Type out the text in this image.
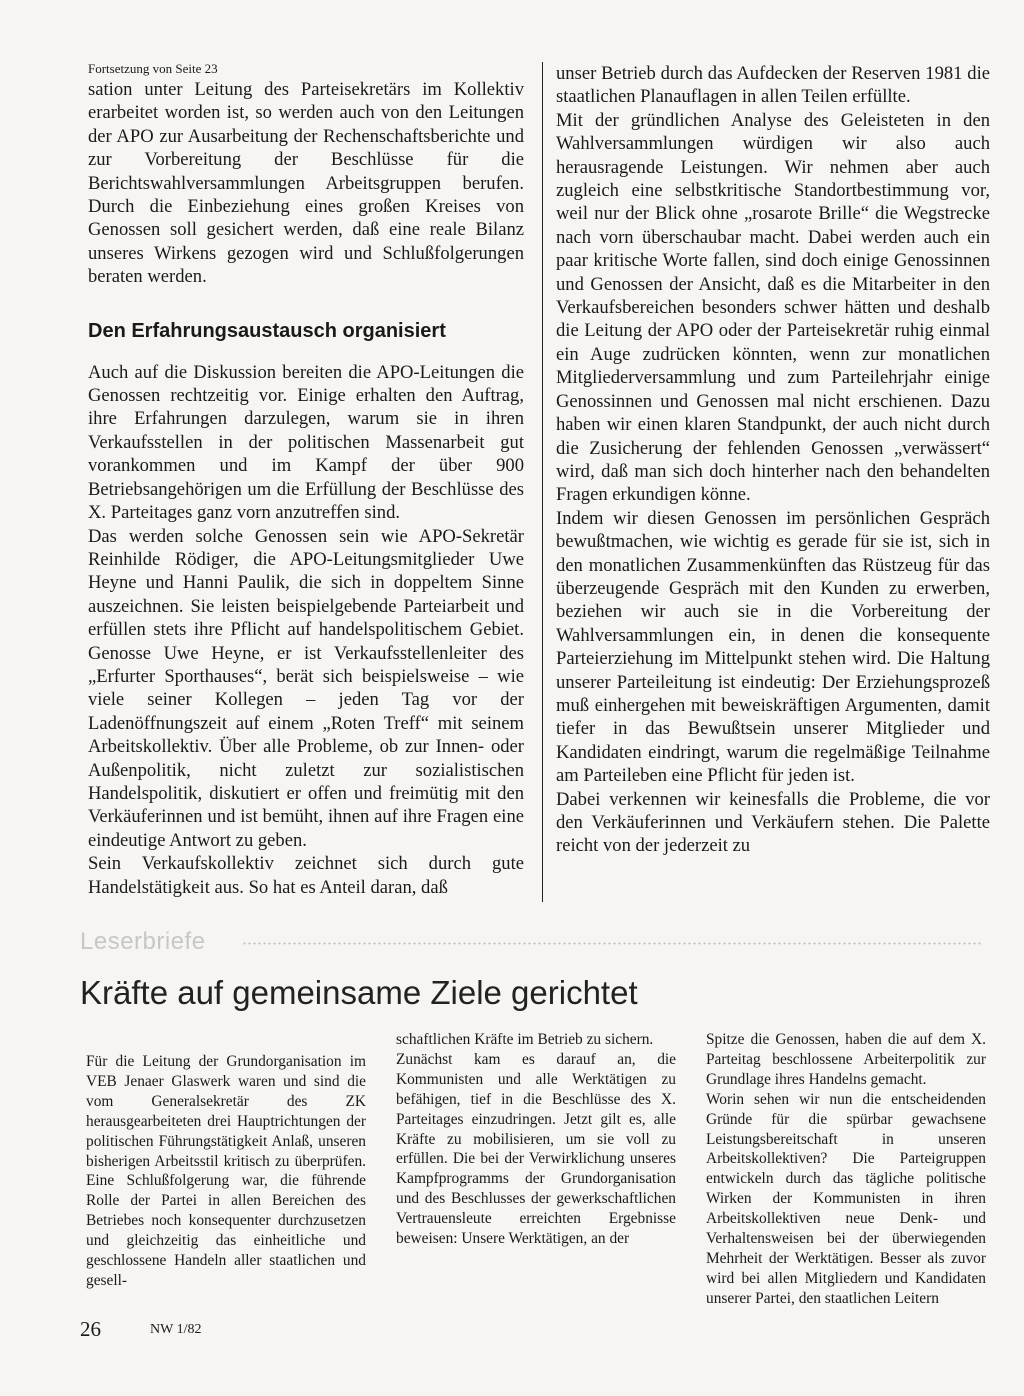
Fortsetzung von Seite 23

sation unter Leitung des Parteisekretärs im Kollektiv erarbeitet worden ist, so werden auch von den Leitungen der APO zur Ausarbeitung der Rechenschaftsberichte und zur Vorbereitung der Beschlüsse für die Berichtswahlversammlungen Arbeitsgruppen berufen. Durch die Einbeziehung eines großen Kreises von Genossen soll gesichert werden, daß eine reale Bilanz unseres Wirkens gezogen wird und Schlußfolgerungen beraten werden.

Den Erfahrungsaustausch organisiert

Auch auf die Diskussion bereiten die APO-Leitungen die Genossen rechtzeitig vor. Einige erhalten den Auftrag, ihre Erfahrungen darzulegen, warum sie in ihren Verkaufsstellen in der politischen Massenarbeit gut vorankommen und im Kampf der über 900 Betriebsangehörigen um die Erfüllung der Beschlüsse des X. Parteitages ganz vorn anzutreffen sind.

Das werden solche Genossen sein wie APO-Sekretär Reinhilde Rödiger, die APO-Leitungsmitglieder Uwe Heyne und Hanni Paulik, die sich in doppeltem Sinne auszeichnen. Sie leisten beispielgebende Parteiarbeit und erfüllen stets ihre Pflicht auf handelspolitischem Gebiet. Genosse Uwe Heyne, er ist Verkaufsstellenleiter des „Erfurter Sporthauses“, berät sich beispielsweise – wie viele seiner Kollegen – jeden Tag vor der Ladenöffnungszeit auf einem „Roten Treff“ mit seinem Arbeitskollektiv. Über alle Probleme, ob zur Innen- oder Außenpolitik, nicht zuletzt zur sozialistischen Handelspolitik, diskutiert er offen und freimütig mit den Verkäuferinnen und ist bemüht, ihnen auf ihre Fragen eine eindeutige Antwort zu geben.

Sein Verkaufskollektiv zeichnet sich durch gute Handelstätigkeit aus. So hat es Anteil daran, daß

unser Betrieb durch das Aufdecken der Reserven 1981 die staatlichen Planauflagen in allen Teilen erfüllte.

Mit der gründlichen Analyse des Geleisteten in den Wahlversammlungen würdigen wir also auch herausragende Leistungen. Wir nehmen aber auch zugleich eine selbstkritische Standortbestimmung vor, weil nur der Blick ohne „rosarote Brille“ die Wegstrecke nach vorn überschaubar macht. Dabei werden auch ein paar kritische Worte fallen, sind doch einige Genossinnen und Genossen der Ansicht, daß es die Mitarbeiter in den Verkaufsbereichen besonders schwer hätten und deshalb die Leitung der APO oder der Parteisekretär ruhig einmal ein Auge zudrücken könnten, wenn zur monatlichen Mitgliederversammlung und zum Parteilehrjahr einige Genossinnen und Genossen mal nicht erschienen. Dazu haben wir einen klaren Standpunkt, der auch nicht durch die Zusicherung der fehlenden Genossen „verwässert“ wird, daß man sich doch hinterher nach den behandelten Fragen erkundigen könne.

Indem wir diesen Genossen im persönlichen Gespräch bewußtmachen, wie wichtig es gerade für sie ist, sich in den monatlichen Zusammenkünften das Rüstzeug für das überzeugende Gespräch mit den Kunden zu erwerben, beziehen wir auch sie in die Vorbereitung der Wahlversammlungen ein, in denen die konsequente Parteierziehung im Mittelpunkt stehen wird. Die Haltung unserer Parteileitung ist eindeutig: Der Erziehungsprozeß muß einhergehen mit beweiskräftigen Argumenten, damit tiefer in das Bewußtsein unserer Mitglieder und Kandidaten eindringt, warum die regelmäßige Teilnahme am Parteileben eine Pflicht für jeden ist.

Dabei verkennen wir keinesfalls die Probleme, die vor den Verkäuferinnen und Verkäufern stehen. Die Palette reicht von der jederzeit zu

Leserbriefe
Kräfte auf gemeinsame Ziele gerichtet

Für die Leitung der Grundorganisation im VEB Jenaer Glaswerk waren und sind die vom Generalsekretär des ZK herausgearbeiteten drei Hauptrichtungen der politischen Führungstätigkeit Anlaß, unseren bisherigen Arbeitsstil kritisch zu überprüfen. Eine Schlußfolgerung war, die führende Rolle der Partei in allen Bereichen des Betriebes noch konsequenter durchzusetzen und gleichzeitig das einheitliche und geschlossene Handeln aller staatlichen und gesell-

schaftlichen Kräfte im Betrieb zu sichern.

Zunächst kam es darauf an, die Kommunisten und alle Werktätigen zu befähigen, tief in die Beschlüsse des X. Parteitages einzudringen. Jetzt gilt es, alle Kräfte zu mobilisieren, um sie voll zu erfüllen. Die bei der Verwirklichung unseres Kampfprogramms der Grundorganisation und des Beschlusses der gewerkschaftlichen Vertrauensleute erreichten Ergebnisse beweisen: Unsere Werktätigen, an der

Spitze die Genossen, haben die auf dem X. Parteitag beschlossene Arbeiterpolitik zur Grundlage ihres Handelns gemacht.

Worin sehen wir nun die entscheidenden Gründe für die spürbar gewachsene Leistungsbereitschaft in unseren Arbeitskollektiven? Die Parteigruppen entwickeln durch das tägliche politische Wirken der Kommunisten in ihren Arbeitskollektiven neue Denk- und Verhaltensweisen bei der überwiegenden Mehrheit der Werktätigen. Besser als zuvor wird bei allen Mitgliedern und Kandidaten unserer Partei, den staatlichen Leitern

26	NW 1/82
